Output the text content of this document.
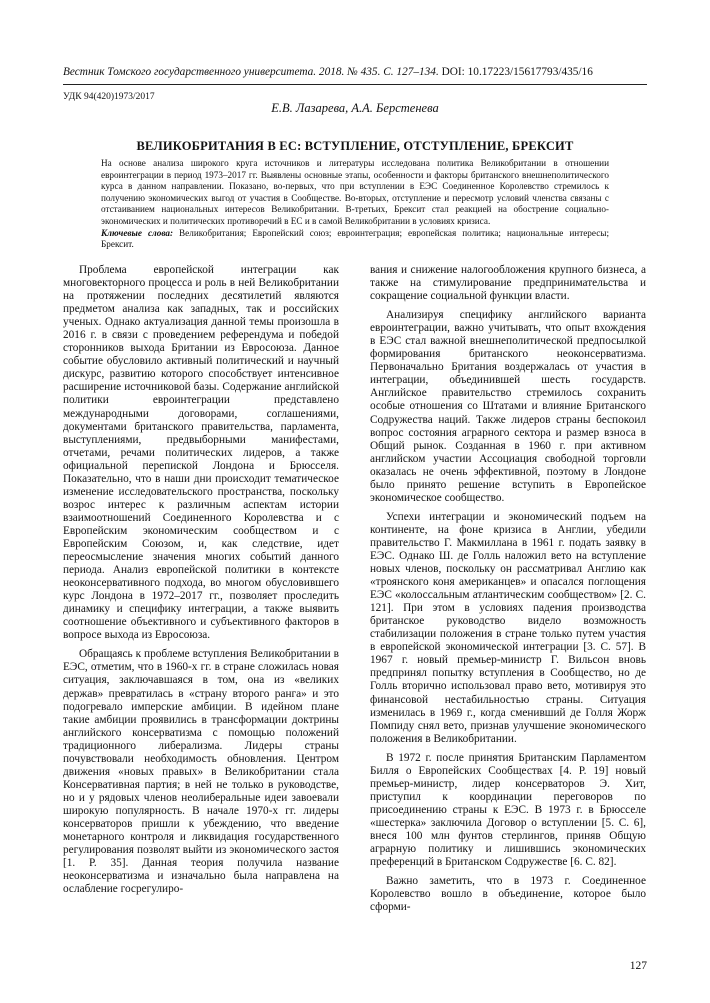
Вестник Томского государственного университета. 2018. № 435. С. 127–134. DOI: 10.17223/15617793/435/16
УДК 94(420)1973/2017
Е.В. Лазарева, А.А. Берстенева
ВЕЛИКОБРИТАНИЯ В ЕС: ВСТУПЛЕНИЕ, ОТСТУПЛЕНИЕ, БРЕКСИТ

На основе анализа широкого круга источников и литературы исследована политика Великобритании в отношении евроинтеграции в период 1973–2017 гг. Выявлены основные этапы, особенности и факторы британского внешнеполитического курса в данном направлении. Показано, во-первых, что при вступлении в ЕЭС Соединенное Королевство стремилось к получению экономических выгод от участия в Сообществе. Во-вторых, отступление и пересмотр условий членства связаны с отстаиванием национальных интересов Великобритании. В-третьих, Брексит стал реакцией на обострение социально-экономических и политических противоречий в ЕС и в самой Великобритании в условиях кризиса.

Ключевые слова: Великобритания; Европейский союз; евроинтеграция; европейская политика; национальные интересы; Брексит.

Проблема европейской интеграции как многовекторного процесса и роль в ней Великобритании на протяжении последних десятилетий являются предметом анализа как западных, так и российских ученых. Однако актуализация данной темы произошла в 2016 г. в связи с проведением референдума и победой сторонников выхода Британии из Евросоюза. Данное событие обусловило активный политический и научный дискурс, развитию которого способствует интенсивное расширение источниковой базы. Содержание английской политики евроинтеграции представлено международными договорами, соглашениями, документами британского правительства, парламента, выступлениями, предвыборными манифестами, отчетами, речами политических лидеров, а также официальной перепиской Лондона и Брюсселя. Показательно, что в наши дни происходит тематическое изменение исследовательского пространства, поскольку возрос интерес к различным аспектам истории взаимоотношений Соединенного Королевства и с Европейским экономическим сообществом и с Европейским Союзом, и, как следствие, идет переосмысление значения многих событий данного периода. Анализ европейской политики в контексте неоконсервативного подхода, во многом обусловившего курс Лондона в 1972–2017 гг., позволяет проследить динамику и специфику интеграции, а также выявить соотношение объективного и субъективного факторов в вопросе выхода из Евросоюза.

Обращаясь к проблеме вступления Великобритании в ЕЭС, отметим, что в 1960-х гг. в стране сложилась новая ситуация, заключавшаяся в том, она из «великих держав» превратилась в «страну второго ранга» и это подогревало имперские амбиции. В идейном плане такие амбиции проявились в трансформации доктрины английского консерватизма с помощью положений традиционного либерализма. Лидеры страны почувствовали необходимость обновления. Центром движения «новых правых» в Великобритании стала Консервативная партия; в ней не только в руководстве, но и у рядовых членов неолиберальные идеи завоевали широкую популярность. В начале 1970-х гг. лидеры консерваторов пришли к убеждению, что введение монетарного контроля и ликвидация государственного регулирования позволят выйти из экономического застоя [1. Р. 35]. Данная теория получила название неоконсерватизма и изначально была направлена на ослабление госрегулиро-

вания и снижение налогообложения крупного бизнеса, а также на стимулирование предпринимательства и сокращение социальной функции власти.

Анализируя специфику английского варианта евроинтеграции, важно учитывать, что опыт вхождения в ЕЭС стал важной внешнеполитической предпосылкой формирования британского неоконсерватизма. Первоначально Британия воздержалась от участия в интеграции, объединившей шесть государств. Английское правительство стремилось сохранить особые отношения со Штатами и влияние Британского Содружества наций. Также лидеров страны беспокоил вопрос состояния аграрного сектора и размер взноса в Общий рынок. Созданная в 1960 г. при активном английском участии Ассоциация свободной торговли оказалась не очень эффективной, поэтому в Лондоне было принято решение вступить в Европейское экономическое сообщество.

Успехи интеграции и экономический подъем на континенте, на фоне кризиса в Англии, убедили правительство Г. Макмиллана в 1961 г. подать заявку в ЕЭС. Однако Ш. де Голль наложил вето на вступление новых членов, поскольку он рассматривал Англию как «троянского коня американцев» и опасался поглощения ЕЭС «колоссальным атлантическим сообществом» [2. С. 121]. При этом в условиях падения производства британское руководство видело возможность стабилизации положения в стране только путем участия в европейской экономической интеграции [3. С. 57]. В 1967 г. новый премьер-министр Г. Вильсон вновь предпринял попытку вступления в Сообщество, но де Голль вторично использовал право вето, мотивируя это финансовой нестабильностью страны. Ситуация изменилась в 1969 г., когда сменивший де Голля Жорж Помпиду снял вето, признав улучшение экономического положения в Великобритании.

В 1972 г. после принятия Британским Парламентом Билля о Европейских Сообществах [4. Р. 19] новый премьер-министр, лидер консерваторов Э. Хит, приступил к координации переговоров по присоединению страны к ЕЭС. В 1973 г. в Брюсселе «шестерка» заключила Договор о вступлении [5. С. 6], внеся 100 млн фунтов стерлингов, приняв Общую аграрную политику и лишившись экономических преференций в Британском Содружестве [6. С. 82].

Важно заметить, что в 1973 г. Соединенное Королевство вошло в объединение, которое было сформи-

127
